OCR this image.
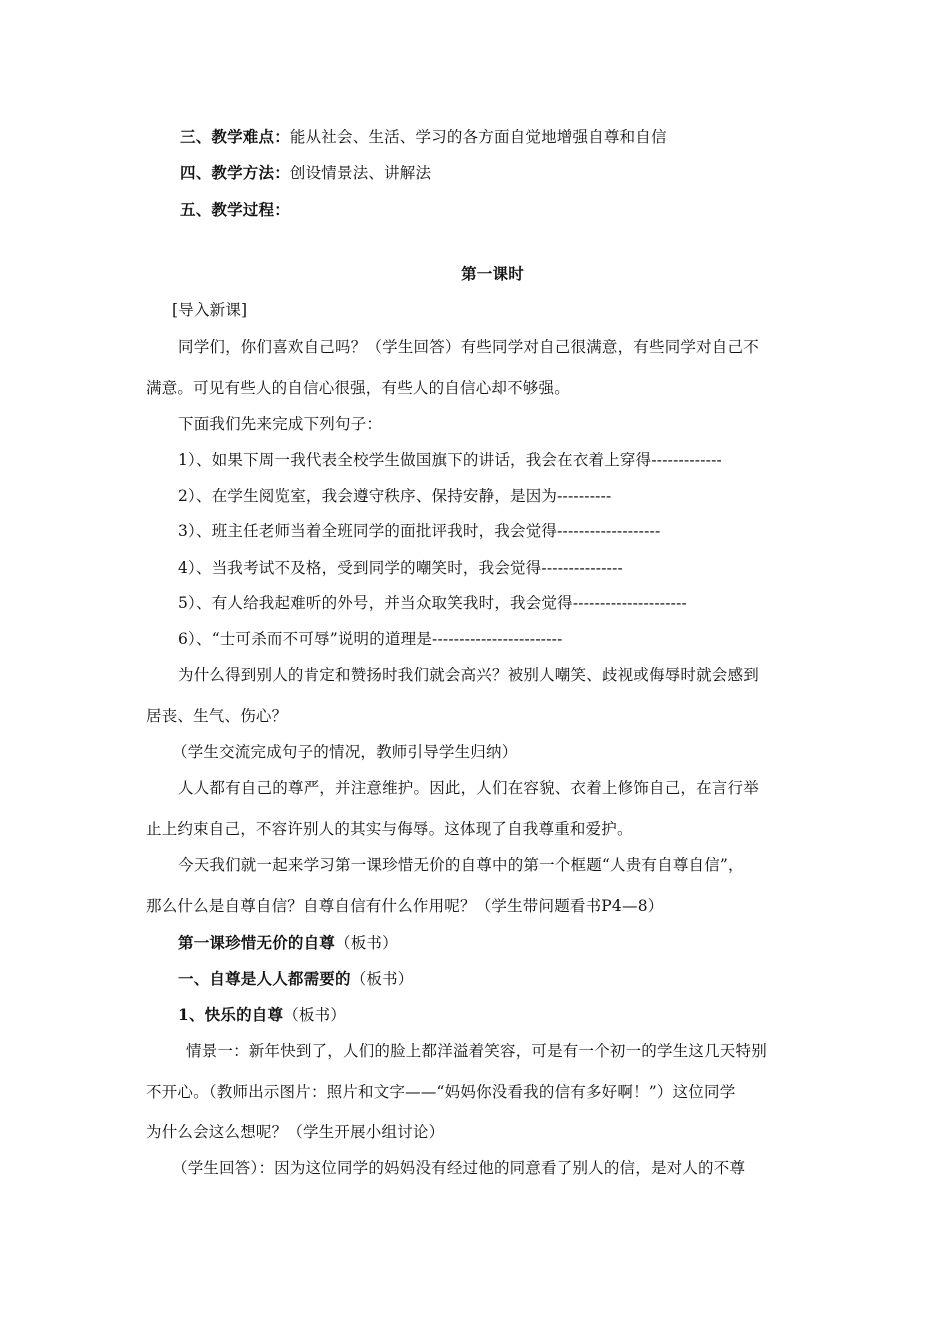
三、教学难点：能从社会、生活、学习的各方面自觉地增强自尊和自信
四、教学方法：创设情景法、讲解法
五、教学过程：
第一课时
[导入新课]
同学们，你们喜欢自己吗？（学生回答）有些同学对自己很满意，有些同学对自己不
满意。可见有些人的自信心很强，有些人的自信心却不够强。
下面我们先来完成下列句子：
1）、如果下周一我代表全校学生做国旗下的讲话，我会在衣着上穿得-------------
2）、在学生阅览室，我会遵守秩序、保持安静，是因为----------
3）、班主任老师当着全班同学的面批评我时，我会觉得-------------------
4）、当我考试不及格，受到同学的嘲笑时，我会觉得---------------
5）、有人给我起难听的外号，并当众取笑我时，我会觉得---------------------
6）、“士可杀而不可辱”说明的道理是------------------------
为什么得到别人的肯定和赞扬时我们就会高兴？被别人嘲笑、歧视或侮辱时就会感到
居丧、生气、伤心？
（学生交流完成句子的情况，教师引导学生归纳）
人人都有自己的尊严，并注意维护。因此，人们在容貌、衣着上修饰自己，在言行举
止上约束自己，不容许别人的其实与侮辱。这体现了自我尊重和爱护。
今天我们就一起来学习第一课珍惜无价的自尊中的第一个框题“人贵有自尊自信”，
那么什么是自尊自信？自尊自信有什么作用呢？（学生带问题看书P4—8）
第一课珍惜无价的自尊（板书）
一、自尊是人人都需要的（板书）
1、快乐的自尊（板书）
情景一：新年快到了，人们的脸上都洋溢着笑容，可是有一个初一的学生这几天特别
不开心。（教师出示图片：照片和文字——“妈妈你没看我的信有多好啊！”）这位同学
为什么会这么想呢？（学生开展小组讨论）
（学生回答）：因为这位同学的妈妈没有经过他的同意看了别人的信，是对人的不尊
